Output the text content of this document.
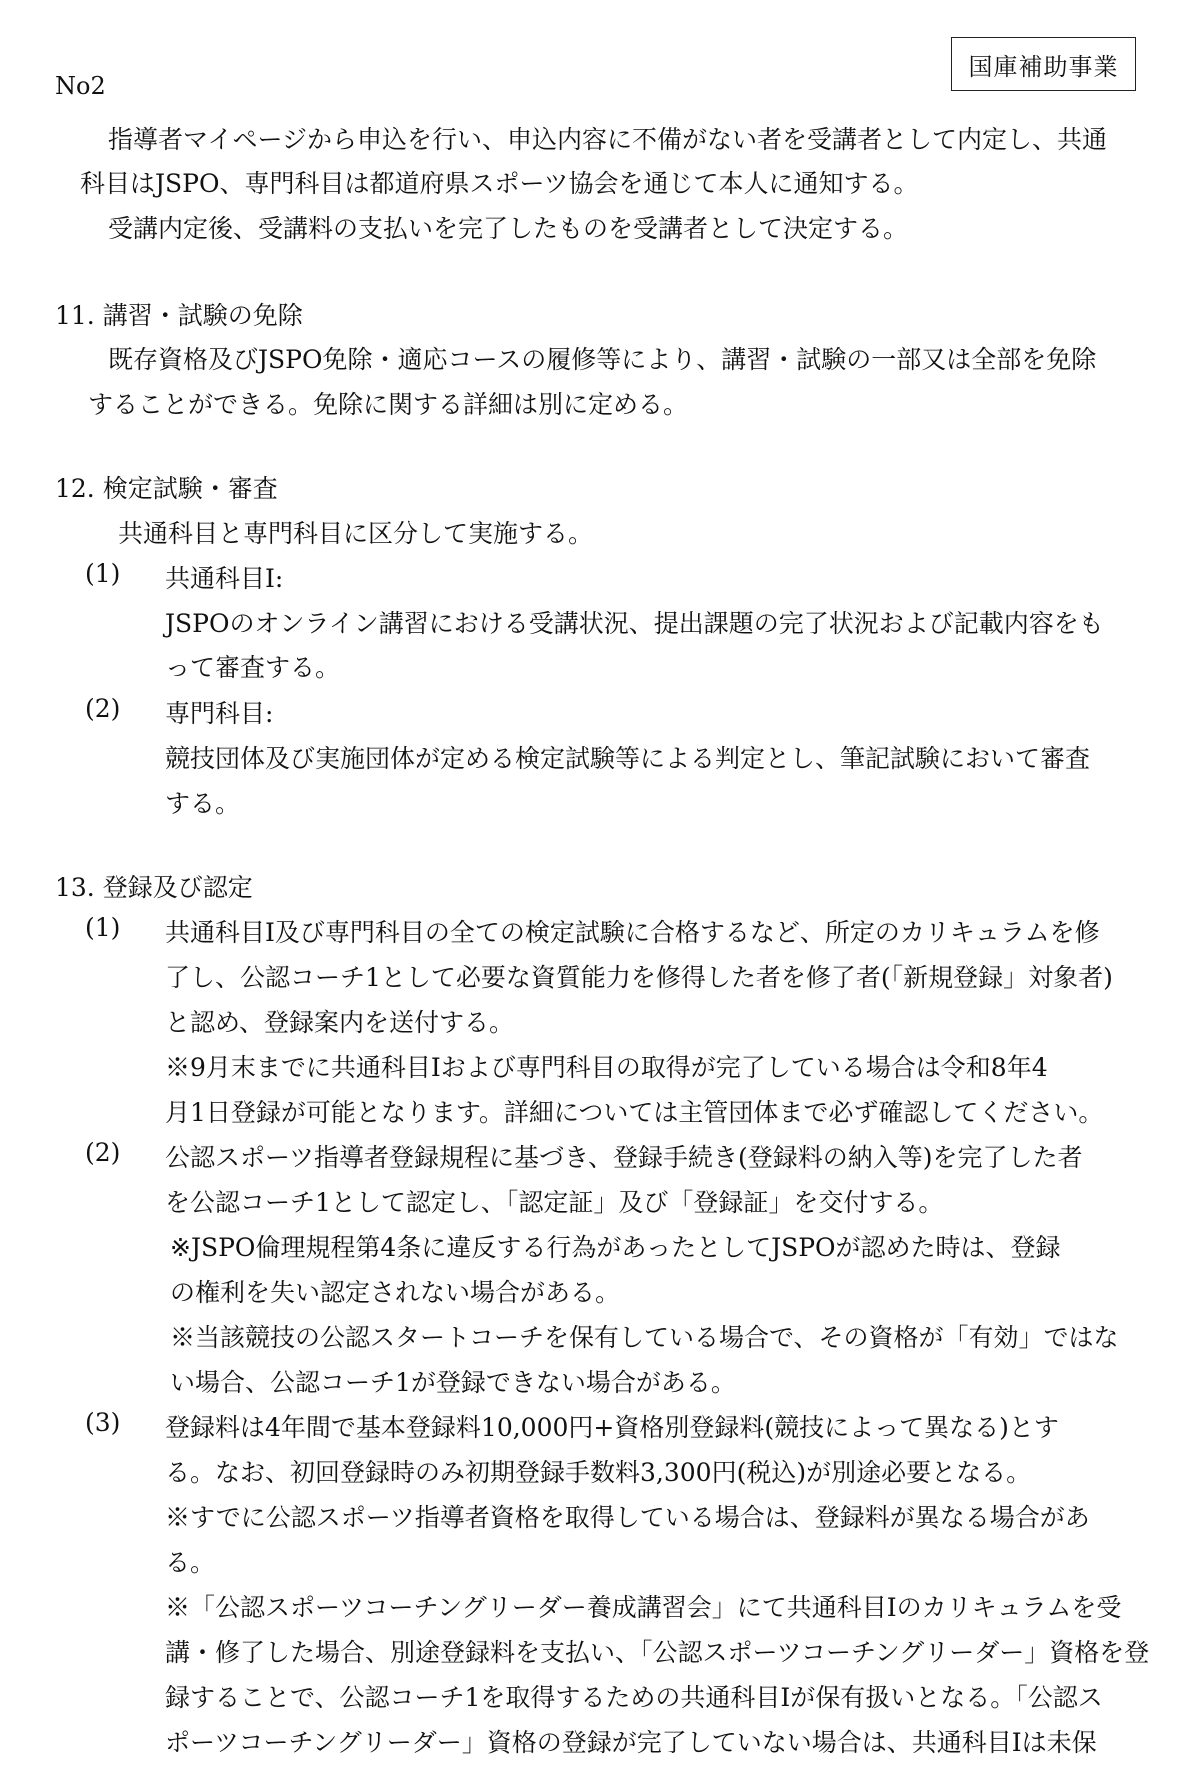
国庫補助事業
No2
指導者マイページから申込を行い、申込内容に不備がない者を受講者として内定し、共通
科目はJSPO、専門科目は都道府県スポーツ協会を通じて本人に通知する。
受講内定後、受講料の支払いを完了したものを受講者として決定する。
11. 講習・試験の免除
既存資格及びJSPO免除・適応コースの履修等により、講習・試験の一部又は全部を免除
することができる。免除に関する詳細は別に定める。
12. 検定試験・審査
共通科目と専門科目に区分して実施する。
(1) 共通科目Ⅰ:
JSPOのオンライン講習における受講状況、提出課題の完了状況および記載内容をも
って審査する。
(2) 専門科目:
競技団体及び実施団体が定める検定試験等による判定とし、筆記試験において審査
する。
13. 登録及び認定
(1) 共通科目Ⅰ及び専門科目の全ての検定試験に合格するなど、所定のカリキュラムを修
了し、公認コーチ1として必要な資質能力を修得した者を修了者(「新規登録」対象者)
と認め、登録案内を送付する。
※9月末までに共通科目Ⅰおよび専門科目の取得が完了している場合は令和8年4
月1日登録が可能となります。詳細については主管団体まで必ず確認してください。
(2) 公認スポーツ指導者登録規程に基づき、登録手続き(登録料の納入等)を完了した者
を公認コーチ1として認定し、「認定証」及び「登録証」を交付する。
※JSPO倫理規程第4条に違反する行為があったとしてJSPOが認めた時は、登録
の権利を失い認定されない場合がある。
※当該競技の公認スタートコーチを保有している場合で、その資格が「有効」ではな
い場合、公認コーチ1が登録できない場合がある。
(3) 登録料は4年間で基本登録料10,000円+資格別登録料(競技によって異なる)とす
る。なお、初回登録時のみ初期登録手数料3,300円(税込)が別途必要となる。
※すでに公認スポーツ指導者資格を取得している場合は、登録料が異なる場合があ
る。
※「公認スポーツコーチングリーダー養成講習会」にて共通科目Ⅰのカリキュラムを受
講・修了した場合、別途登録料を支払い、「公認スポーツコーチングリーダー」資格を登
録することで、公認コーチ1を取得するための共通科目Ⅰが保有扱いとなる。「公認ス
ポーツコーチングリーダー」資格の登録が完了していない場合は、共通科目Ⅰは未保
